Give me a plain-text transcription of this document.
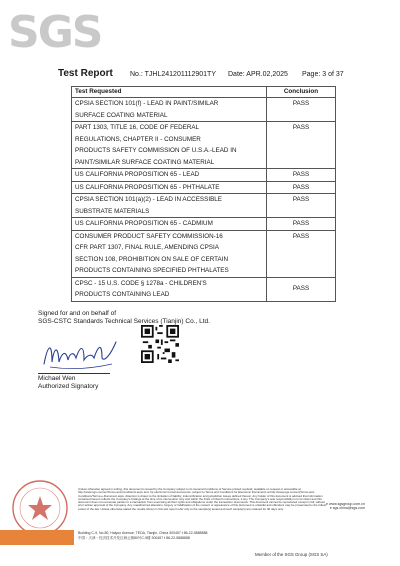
SGS
Test Report No.: TJHL241201112901TY Date: APR.02,2025 Page: 3 of 37
Test Requested	Conclusion

CPSIA SECTION 101(f) - LEAD IN PAINT/SIMILAR
SURFACE COATING MATERIAL	PASS

PART 1303, TITLE 16, CODE OF FEDERAL
REGULATIONS, CHAPTER II - CONSUMER
PRODUCTS SAFETY COMMISSION OF U.S.A.-LEAD IN
PAINT/SIMILAR SURFACE COATING MATERIAL	PASS

US CALIFORNIA PROPOSITION 65 - LEAD	PASS

US CALIFORNIA PROPOSITION 65 - PHTHALATE	PASS

CPSIA SECTION 101(a)(2) - LEAD IN ACCESSIBLE
SUBSTRATE MATERIALS	PASS

US CALIFORNIA PROPOSITION 65 - CADMIUM	PASS

CONSUMER PRODUCT SAFETY COMMISSION-16
CFR PART 1307, FINAL RULE, AMENDING CPSIA
SECTION 108, PROHIBITION ON SALE OF CERTAIN
PRODUCTS CONTAINING SPECIFIED PHTHALATES	PASS

CPSC - 15 U.S. CODE § 1278a - CHILDREN'S
PRODUCTS CONTAINING LEAD	PASS
Signed for and on behalf of
SGS-CSTC Standards Technical Services (Tianjin) Co., Ltd.
Michael Wen
Authorized Signatory
Unless otherwise agreed in writing, this document is issued by the Company subject to its General Conditions of Service printed overleaf, available on request or accessible at http://www.sgs.com/en/Terms-and-Conditions.aspx and, for electronic format documents, subject to Terms and Conditions for Electronic Documents at http://www.sgs.com/en/Terms-and-Conditions/Terms-e-Document.aspx. Attention is drawn to the limitation of liability, indemnification and jurisdiction issues defined therein. Any holder of this document is advised that information contained hereon reflects the Company's findings at the time of its intervention only and within the limits of Client's instructions, if any. The Company's sole responsibility is to its Client and this document does not exonerate parties to a transaction from exercising all their rights and obligations under the transaction documents. This document cannot be reproduced except in full, without prior written approval of the Company. Any unauthorized alteration, forgery or falsification of the content or appearance of this document is unlawful and offenders may be prosecuted to the fullest extent of the law. Unless otherwise stated the results shown in this test report refer only to the sample(s) tested and such sample(s) are retained for 30 days only.
Building C-9, No.80, Haiyun Avenue, TEDA, Tianjin, China 300457 t 86-22-5888888
中国・天津・经济技术开发区海云街80号C-9楼 300457 t 86-22-5888888
e www.sgsgroup.com.cn
e sgs.china@sgs.com
Member of the SGS Group (SGS SA)
